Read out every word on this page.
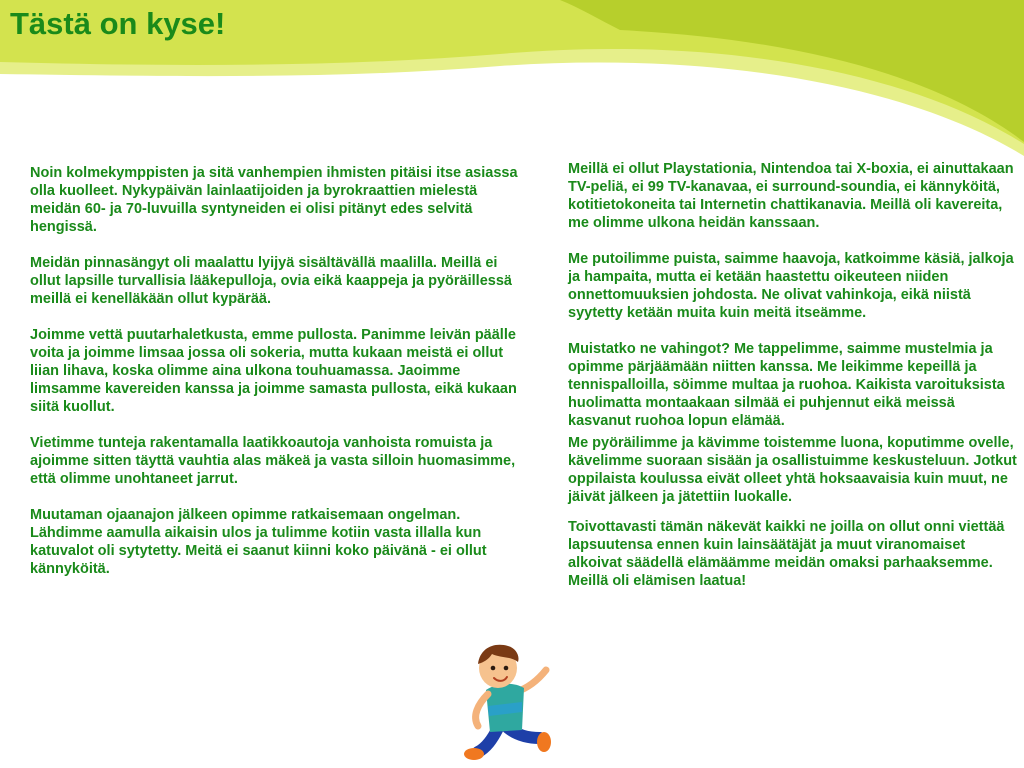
Tästä on kyse!

Noin kolmekymppisten ja sitä vanhempien ihmisten pitäisi itse asiassa olla kuolleet. Nykypäivän lainlaatijoiden ja byrokraattien mielestä meidän 60- ja 70-luvuilla syntyneiden ei olisi pitänyt edes selvitä hengissä.

Meidän pinnasängyt oli maalattu lyijyä sisältävällä maalilla. Meillä ei ollut lapsille turvallisia lääkepulloja, ovia eikä kaappeja ja pyöräillessä meillä ei kenelläkään ollut kypärää.

Joimme vettä puutarhaletkusta, emme pullosta. Panimme leivän päälle voita ja joimme limsaa jossa oli sokeria, mutta kukaan meistä ei ollut liian lihava, koska olimme aina ulkona touhuamassa. Jaoimme limsamme kavereiden kanssa ja joimme samasta pullosta, eikä kukaan siitä kuollut.

Vietimme tunteja rakentamalla laatikkoautoja vanhoista romuista ja ajoimme sitten täyttä vauhtia alas mäkeä ja vasta silloin huomasimme, että olimme unohtaneet jarrut.

Muutaman ojaanajon jälkeen opimme ratkaisemaan ongelman. Lähdimme aamulla aikaisin ulos ja tulimme kotiin vasta illalla kun katuvalot oli sytytetty. Meitä ei saanut kiinni koko päivänä - ei ollut kännyköitä.

Meillä ei ollut Playstationia, Nintendoa tai X-boxia, ei ainuttakaan TV-peliä, ei 99 TV-kanavaa, ei surround-soundia, ei kännyköitä, kotitietokoneita tai Internetin chattikanavia. Meillä oli kavereita, me olimme ulkona heidän kanssaan.

Me putoilimme puista, saimme haavoja, katkoimme käsiä, jalkoja ja hampaita, mutta ei ketään haastettu oikeuteen niiden onnettomuuksien johdosta. Ne olivat vahinkoja, eikä niistä syytetty ketään muita kuin meitä itseämme.

Muistatko ne vahingot? Me tappelimme, saimme mustelmia ja opimme pärjäämään niitten kanssa. Me leikimme kepeillä ja tennispalloilla, söimme multaa ja ruohoa. Kaikista varoituksista huolimatta montaakaan silmää ei puhjennut eikä meissä kasvanut ruohoa lopun elämää.

Me pyöräilimme ja kävimme toistemme luona, koputimme ovelle, kävelimme suoraan sisään ja osallistuimme keskusteluun. Jotkut oppilaista koulussa eivät olleet yhtä hoksaavaisia kuin muut, ne jäivät jälkeen ja jätettiin luokalle.

Toivottavasti tämän näkevät kaikki ne joilla on ollut onni viettää lapsuutensa ennen kuin lainsäätäjät ja muut viranomaiset alkoivat säädellä elämäämme meidän omaksi parhaaksemme. Meillä oli elämisen laatua!
